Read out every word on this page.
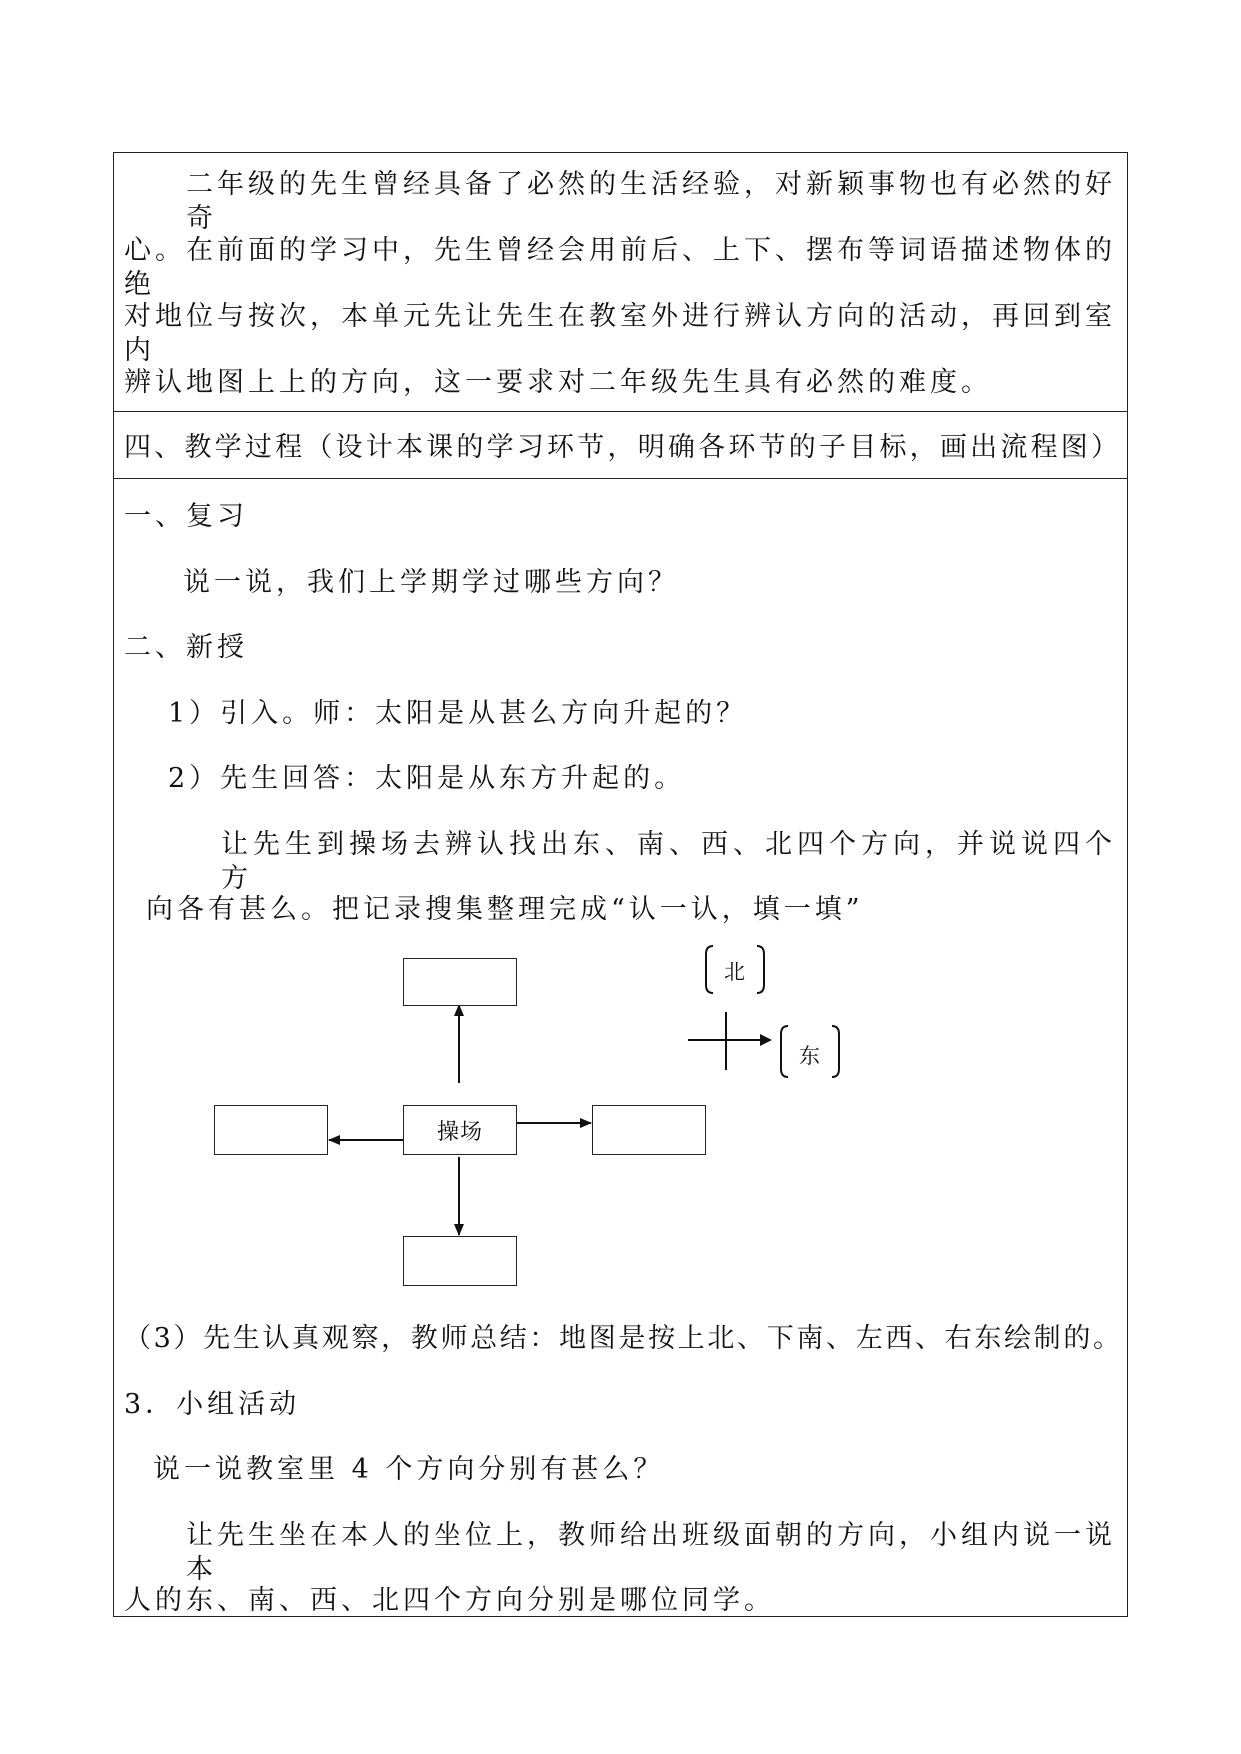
二年级的先生曾经具备了必然的生活经验，对新颖事物也有必然的好奇
心。在前面的学习中，先生曾经会用前后、上下、摆布等词语描述物体的绝
对地位与按次，本单元先让先生在教室外进行辨认方向的活动，再回到室内
辨认地图上上的方向，这一要求对二年级先生具有必然的难度。
四、教学过程（设计本课的学习环节，明确各环节的子目标，画出流程图）
一、复习
说一说，我们上学期学过哪些方向？
二、新授
1）引入。师：太阳是从甚么方向升起的？
2）先生回答：太阳是从东方升起的。
让先生到操场去辨认找出东、南、西、北四个方向，并说说四个方
向各有甚么。把记录搜集整理完成“认一认，填一填”
操场
北
东
（3）先生认真观察，教师总结：地图是按上北、下南、左西、右东绘制的。
3．小组活动
说一说教室里 4 个方向分别有甚么？
让先生坐在本人的坐位上，教师给出班级面朝的方向，小组内说一说本
人的东、南、西、北四个方向分别是哪位同学。
